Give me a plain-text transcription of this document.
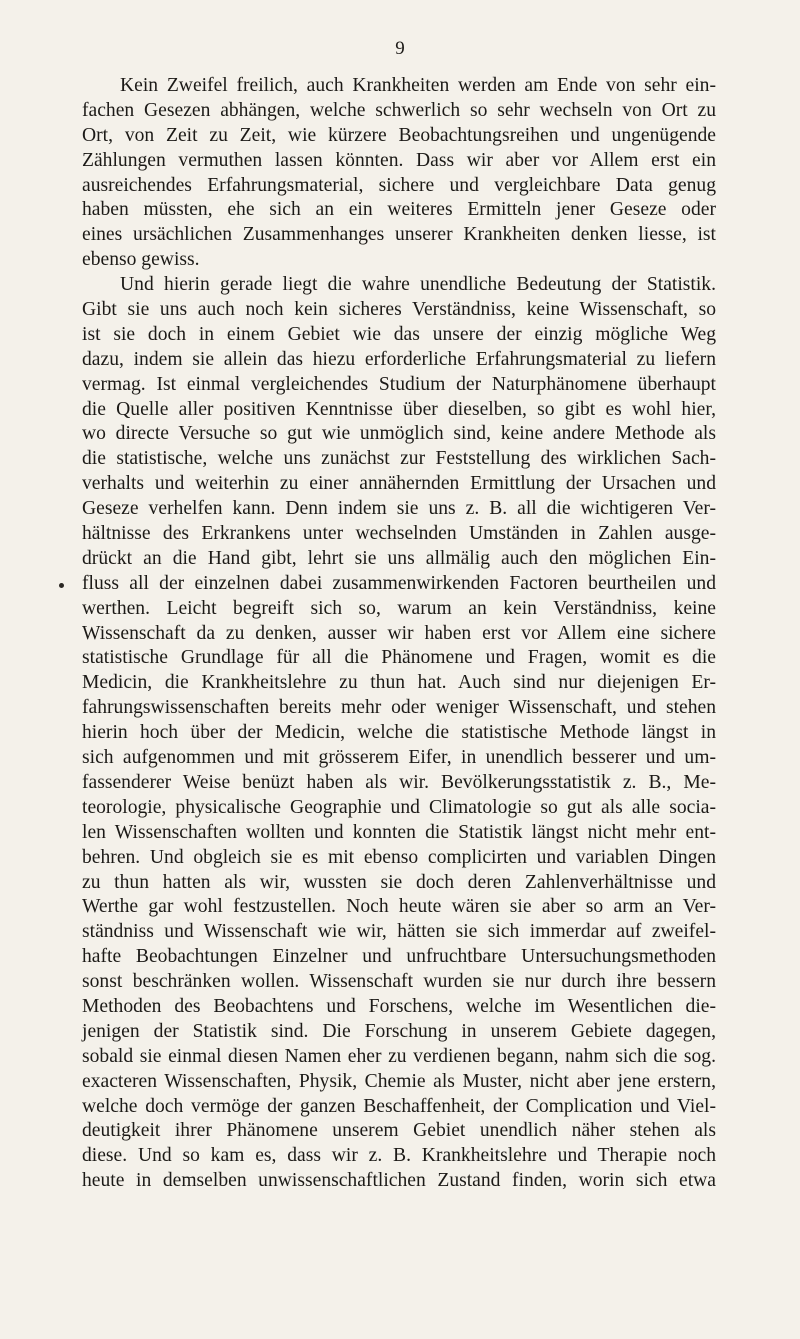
9
Kein Zweifel freilich, auch Krankheiten werden am Ende von sehr ein-
fachen Gesezen abhängen, welche schwerlich so sehr wechseln von Ort zu
Ort, von Zeit zu Zeit, wie kürzere Beobachtungsreihen und ungenügende
Zählungen vermuthen lassen könnten. Dass wir aber vor Allem erst ein
ausreichendes Erfahrungsmaterial, sichere und vergleichbare Data genug
haben müssten, ehe sich an ein weiteres Ermitteln jener Geseze oder
eines ursächlichen Zusammenhanges unserer Krankheiten denken liesse, ist
ebenso gewiss.
Und hierin gerade liegt die wahre unendliche Bedeutung der Statistik.
Gibt sie uns auch noch kein sicheres Verständniss, keine Wissenschaft, so
ist sie doch in einem Gebiet wie das unsere der einzig mögliche Weg
dazu, indem sie allein das hiezu erforderliche Erfahrungsmaterial zu liefern
vermag. Ist einmal vergleichendes Studium der Naturphänomene überhaupt
die Quelle aller positiven Kenntnisse über dieselben, so gibt es wohl hier,
wo directe Versuche so gut wie unmöglich sind, keine andere Methode als
die statistische, welche uns zunächst zur Feststellung des wirklichen Sach-
verhalts und weiterhin zu einer annähernden Ermittlung der Ursachen und
Geseze verhelfen kann. Denn indem sie uns z. B. all die wichtigeren Ver-
hältnisse des Erkrankens unter wechselnden Umständen in Zahlen ausge-
drückt an die Hand gibt, lehrt sie uns allmälig auch den möglichen Ein-
fluss all der einzelnen dabei zusammenwirkenden Factoren beurtheilen und
werthen. Leicht begreift sich so, warum an kein Verständniss, keine
Wissenschaft da zu denken, ausser wir haben erst vor Allem eine sichere
statistische Grundlage für all die Phänomene und Fragen, womit es die
Medicin, die Krankheitslehre zu thun hat. Auch sind nur diejenigen Er-
fahrungswissenschaften bereits mehr oder weniger Wissenschaft, und stehen
hierin hoch über der Medicin, welche die statistische Methode längst in
sich aufgenommen und mit grösserem Eifer, in unendlich besserer und um-
fassenderer Weise benüzt haben als wir. Bevölkerungsstatistik z. B., Me-
teorologie, physicalische Geographie und Climatologie so gut als alle socia-
len Wissenschaften wollten und konnten die Statistik längst nicht mehr ent-
behren. Und obgleich sie es mit ebenso complicirten und variablen Dingen
zu thun hatten als wir, wussten sie doch deren Zahlenverhältnisse und
Werthe gar wohl festzustellen. Noch heute wären sie aber so arm an Ver-
ständniss und Wissenschaft wie wir, hätten sie sich immerdar auf zweifel-
hafte Beobachtungen Einzelner und unfruchtbare Untersuchungsmethoden
sonst beschränken wollen. Wissenschaft wurden sie nur durch ihre bessern
Methoden des Beobachtens und Forschens, welche im Wesentlichen die-
jenigen der Statistik sind. Die Forschung in unserem Gebiete dagegen,
sobald sie einmal diesen Namen eher zu verdienen begann, nahm sich die sog.
exacteren Wissenschaften, Physik, Chemie als Muster, nicht aber jene erstern,
welche doch vermöge der ganzen Beschaffenheit, der Complication und Viel-
deutigkeit ihrer Phänomene unserem Gebiet unendlich näher stehen als
diese. Und so kam es, dass wir z. B. Krankheitslehre und Therapie noch
heute in demselben unwissenschaftlichen Zustand finden, worin sich etwa
